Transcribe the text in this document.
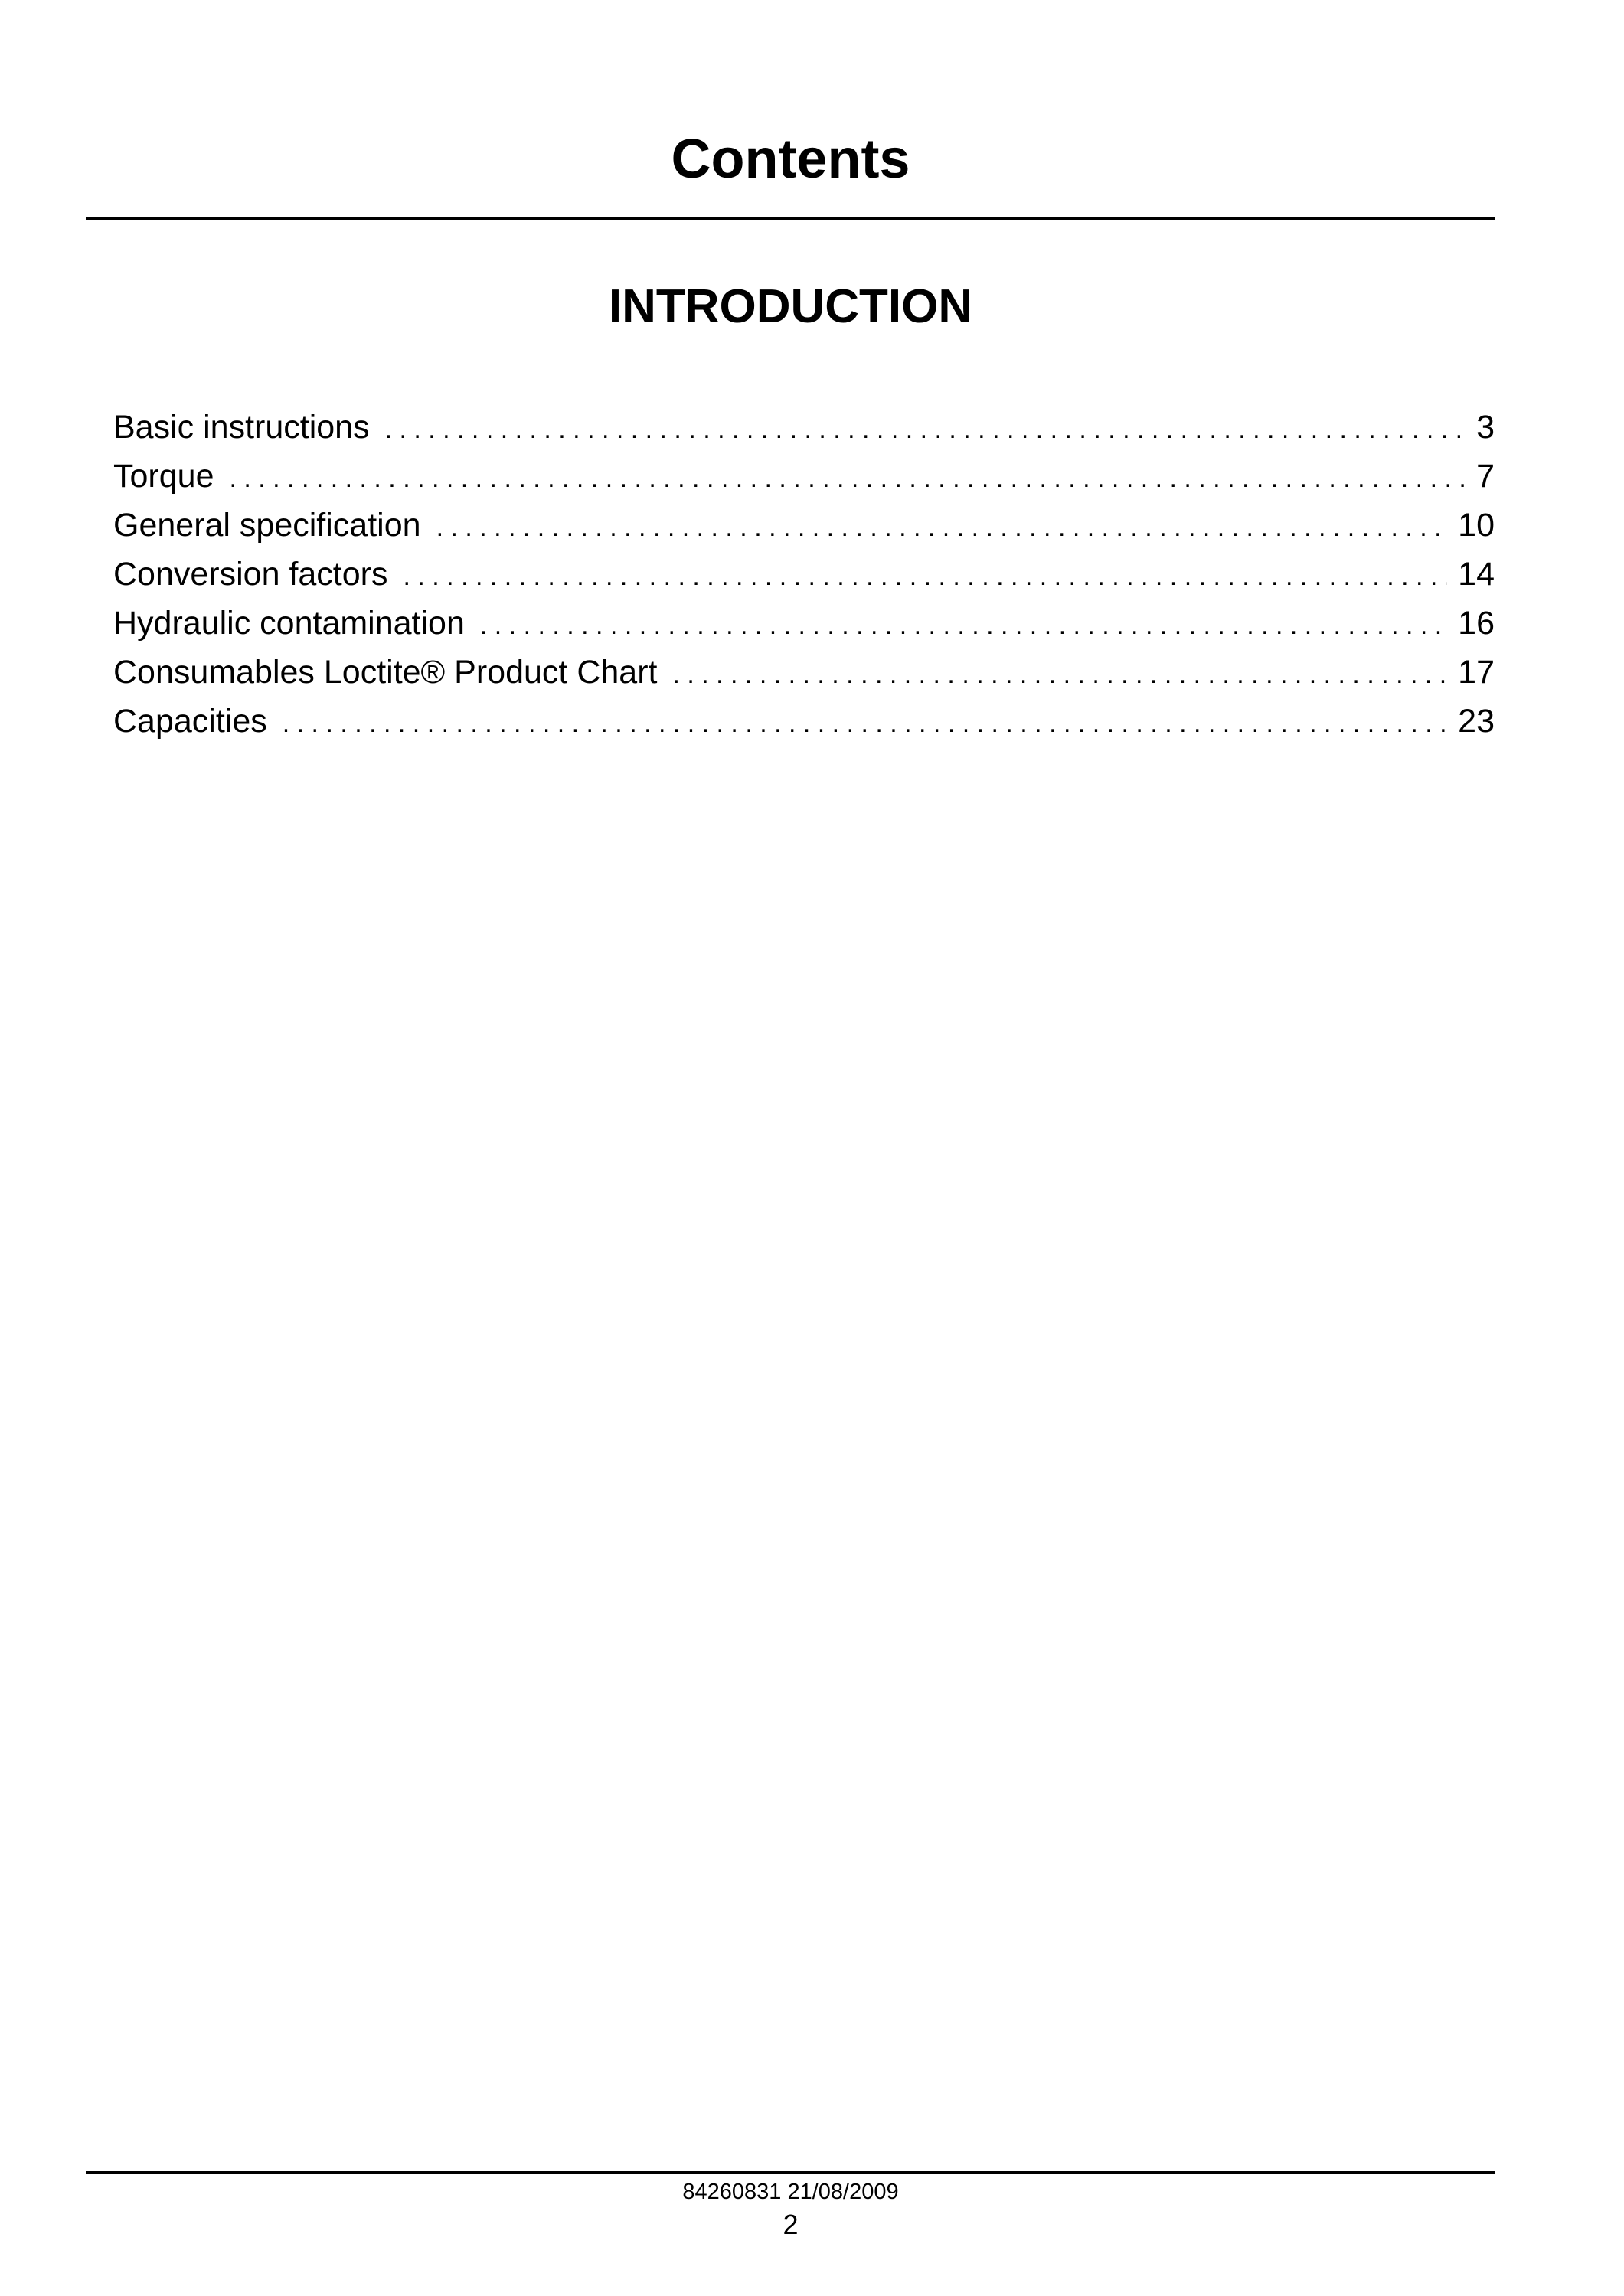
Contents
INTRODUCTION
Basic instructions . . .	3
Torque . . .	7
General specification . . .	10
Conversion factors . . .	14
Hydraulic contamination . . .	16
Consumables Loctite® Product Chart . . .	17
Capacities . . .	23
84260831 21/08/2009
2
